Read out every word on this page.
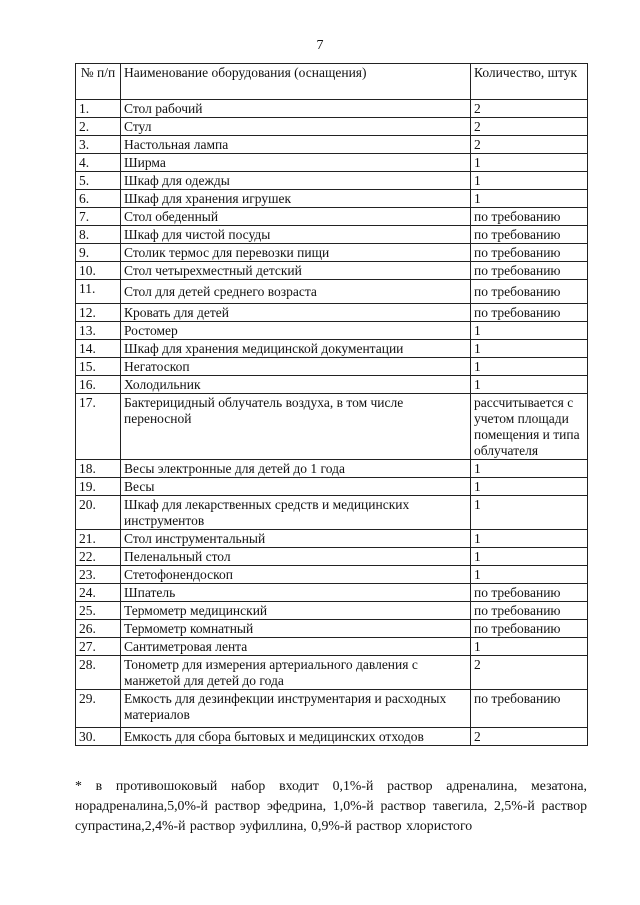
7
№ п/п	Наименование оборудования (оснащения)	Количество, штук
1.	Стол рабочий	2
2.	Стул	2
3.	Настольная лампа	2
4.	Ширма	1
5.	Шкаф для одежды	1
6.	Шкаф для хранения игрушек	1
7.	Стол обеденный	по требованию
8.	Шкаф для чистой посуды	по требованию
9.	Столик термос для перевозки пищи	по требованию
10.	Стол четырехместный детский	по требованию
11.	Стол для детей среднего возраста	по требованию
12.	Кровать для детей	по требованию
13.	Ростомер	1
14.	Шкаф для хранения медицинской документации	1
15.	Негатоскоп	1
16.	Холодильник	1
17.	Бактерицидный облучатель воздуха, в том числе переносной	рассчитывается с учетом площади помещения и типа облучателя
18.	Весы электронные для детей до 1 года	1
19.	Весы	1
20.	Шкаф для лекарственных средств и медицинских инструментов	1
21.	Стол инструментальный	1
22.	Пеленальный стол	1
23.	Стетофонендоскоп	1
24.	Шпатель	по требованию
25.	Термометр медицинский	по требованию
26.	Термометр комнатный	по требованию
27.	Сантиметровая лента	1
28.	Тонометр для измерения артериального давления с манжетой для детей до года	2
29.	Емкость для дезинфекции инструментария и расходных материалов	по требованию
30.	Емкость для сбора бытовых и медицинских отходов	2
* в противошоковый набор входит 0,1%-й раствор адреналина, мезатона, норадреналина,5,0%-й раствор эфедрина, 1,0%-й раствор тавегила, 2,5%-й раствор супрастина,2,4%-й раствор эуфиллина, 0,9%-й раствор хлористого
